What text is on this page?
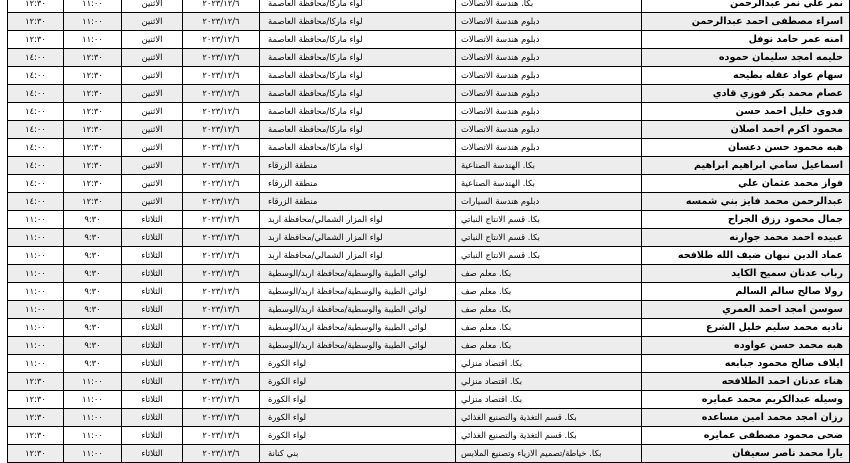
نمر علي نمر عبدالرحمن	بكا. هندسة الاتصالات	لواء ماركا/محافظة العاصمة	٢٠٢٣/١٢/٦	الاثنين	١١:٠٠	١٢:٣٠
اسراء مصطفى احمد عبدالرحمن	دبلوم هندسة الاتصالات	لواء ماركا/محافظة العاصمة	٢٠٢٣/١٢/٦	الاثنين	١١:٠٠	١٢:٣٠
امنه عمر حامد نوفل	دبلوم هندسة الاتصالات	لواء ماركا/محافظة العاصمة	٢٠٢٣/١٢/٦	الاثنين	١١:٠٠	١٢:٣٠
حليمه امجد سليمان حموده	دبلوم هندسة الاتصالات	لواء ماركا/محافظة العاصمة	٢٠٢٣/١٢/٦	الاثنين	١٢:٣٠	١٤:٠٠
سهام عواد عقله بطيحه	دبلوم هندسة الاتصالات	لواء ماركا/محافظة العاصمة	٢٠٢٣/١٢/٦	الاثنين	١٢:٣٠	١٤:٠٠
عصام محمد بكر فوزي قادي	دبلوم هندسة الاتصالات	لواء ماركا/محافظة العاصمة	٢٠٢٣/١٢/٦	الاثنين	١٢:٣٠	١٤:٠٠
فدوى خليل احمد حسن	دبلوم هندسة الاتصالات	لواء ماركا/محافظة العاصمة	٢٠٢٣/١٢/٦	الاثنين	١٢:٣٠	١٤:٠٠
محمود اكرم احمد اصلان	دبلوم هندسة الاتصالات	لواء ماركا/محافظة العاصمة	٢٠٢٣/١٢/٦	الاثنين	١٢:٣٠	١٤:٠٠
هبه محمود حسن دعسان	دبلوم هندسة الاتصالات	لواء ماركا/محافظة العاصمة	٢٠٢٣/١٢/٦	الاثنين	١٢:٣٠	١٤:٠٠
اسماعيل سامي ابراهيم ابراهيم	بكا. الهندسة الصناعية	منطقة الزرقاء	٢٠٢٣/١٢/٦	الاثنين	١٢:٣٠	١٤:٠٠
فواز محمد عثمان علي	بكا. الهندسة الصناعية	منطقة الزرقاء	٢٠٢٣/١٢/٦	الاثنين	١٢:٣٠	١٤:٠٠
عبدالرحمن محمد فايز بني شمسه	دبلوم هندسة السيارات	منطقة الزرقاء	٢٠٢٣/١٢/٦	الاثنين	١٢:٣٠	١٤:٠٠
جمال محمود رزق الجراح	بكا. قسم الانتاج النباتي	لواء المزار الشمالي/محافظة اربد	٢٠٢٣/١٣/٦	الثلاثاء	٩:٣٠	١١:٠٠
عبيده احمد محمد جوارنه	بكا. قسم الانتاج النباتي	لواء المزار الشمالي/محافظة اربد	٢٠٢٣/١٣/٦	الثلاثاء	٩:٣٠	١١:٠٠
عماد الدين نبهان ضيف الله طلافحه	بكا. قسم الانتاج النباتي	لواء المزار الشمالي/محافظة اربد	٢٠٢٣/١٣/٦	الثلاثاء	٩:٣٠	١١:٠٠
رباب عدنان سميح الكايد	بكا. معلم صف	لوائي الطيبة والوسطية/محافظة اربد/الوسطية	٢٠٢٣/١٣/٦	الثلاثاء	٩:٣٠	١١:٠٠
رولا صالح سالم السالم	بكا. معلم صف	لوائي الطيبة والوسطية/محافظة اربد/الوسطية	٢٠٢٣/١٣/٦	الثلاثاء	٩:٣٠	١١:٠٠
سوسن امجد احمد العمري	بكا. معلم صف	لوائي الطيبة والوسطية/محافظة اربد/الوسطية	٢٠٢٣/١٣/٦	الثلاثاء	٩:٣٠	١١:٠٠
ناديه محمد سليم خليل الشرع	بكا. معلم صف	لوائي الطيبة والوسطية/محافظة اربد/الوسطية	٢٠٢٣/١٣/٦	الثلاثاء	٩:٣٠	١١:٠٠
هبه محمد حسن عواوده	بكا. معلم صف	لوائي الطيبة والوسطية/محافظة اربد/الوسطية	٢٠٢٣/١٣/٦	الثلاثاء	٩:٣٠	١١:٠٠
ايلاف صالح محمود جبابعه	بكا. اقتصاد منزلي	لواء الكورة	٢٠٢٣/١٣/٦	الثلاثاء	٩:٣٠	١١:٠٠
هناء عدنان احمد الطلافحه	بكا. اقتصاد منزلي	لواء الكورة	٢٠٢٣/١٣/٦	الثلاثاء	١١:٠٠	١٢:٣٠
وسيله عبدالكريم محمد عمايره	بكا. اقتصاد منزلي	لواء الكورة	٢٠٢٣/١٣/٦	الثلاثاء	١١:٠٠	١٢:٣٠
رزان امجد محمد امين مساعده	بكا. قسم التغذية والتصنيع الغذائي	لواء الكورة	٢٠٢٣/١٣/٦	الثلاثاء	١١:٠٠	١٢:٣٠
ضحى محمود مصطفى عمايره	بكا. قسم التغذية والتصنيع الغذائي	لواء الكورة	٢٠٢٣/١٣/٦	الثلاثاء	١١:٠٠	١٢:٣٠
يارا محمد ناصر سعيفان	بكا. خياطة/تصميم الازياء وتصنيع الملابس	بني كنانة	٢٠٢٣/١٣/٦	الثلاثاء	١١:٠٠	١٢:٣٠
